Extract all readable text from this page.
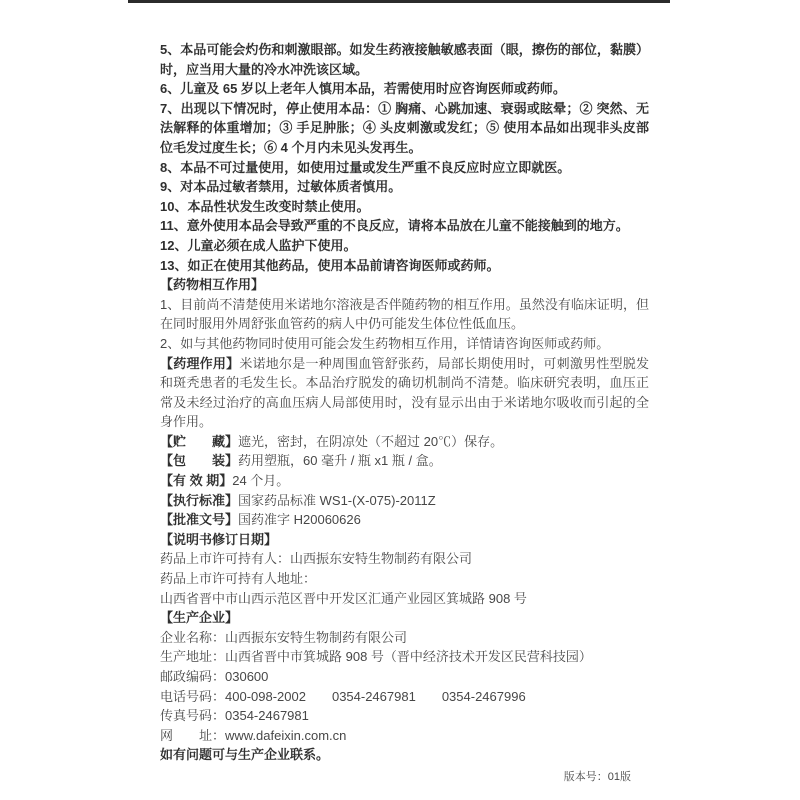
5、本品可能会灼伤和刺激眼部。如发生药液接触敏感表面（眼，擦伤的部位，黏膜）时，应当用大量的冷水冲洗该区域。

6、儿童及 65 岁以上老年人慎用本品，若需使用时应咨询医师或药师。

7、出现以下情况时，停止使用本品：① 胸痛、心跳加速、衰弱或眩晕；② 突然、无法解释的体重增加；③ 手足肿胀；④ 头皮刺激或发红；⑤ 使用本品如出现非头皮部位毛发过度生长；⑥ 4 个月内未见头发再生。

8、本品不可过量使用，如使用过量或发生严重不良反应时应立即就医。

9、对本品过敏者禁用，过敏体质者慎用。

10、本品性状发生改变时禁止使用。

11、意外使用本品会导致严重的不良反应，请将本品放在儿童不能接触到的地方。

12、儿童必须在成人监护下使用。

13、如正在使用其他药品，使用本品前请咨询医师或药师。

【药物相互作用】

1、目前尚不清楚使用米诺地尔溶液是否伴随药物的相互作用。虽然没有临床证明，但在同时服用外周舒张血管药的病人中仍可能发生体位性低血压。

2、如与其他药物同时使用可能会发生药物相互作用，详情请咨询医师或药师。

【药理作用】米诺地尔是一种周围血管舒张药，局部长期使用时，可刺激男性型脱发和斑秃患者的毛发生长。本品治疗脱发的确切机制尚不清楚。临床研究表明，血压正常及未经过治疗的高血压病人局部使用时，没有显示出由于米诺地尔吸收而引起的全身作用。

【贮　　藏】遮光，密封，在阴凉处（不超过 20℃）保存。

【包　　装】药用塑瓶，60 毫升 / 瓶 x1 瓶 / 盒。

【有 效 期】24 个月。

【执行标准】国家药品标准 WS1-(X-075)-2011Z

【批准文号】国药准字 H20060626

【说明书修订日期】

药品上市许可持有人：山西振东安特生物制药有限公司

药品上市许可持有人地址：

山西省晋中市山西示范区晋中开发区汇通产业园区箕城路 908 号

【生产企业】

企业名称：山西振东安特生物制药有限公司

生产地址：山西省晋中市箕城路 908 号（晋中经济技术开发区民营科技园）

邮政编码：030600

电话号码：400-098-2002　　0354-2467981　　0354-2467996

传真号码：0354-2467981

网　　址：www.dafeixin.com.cn

如有问题可与生产企业联系。

版本号：01版
